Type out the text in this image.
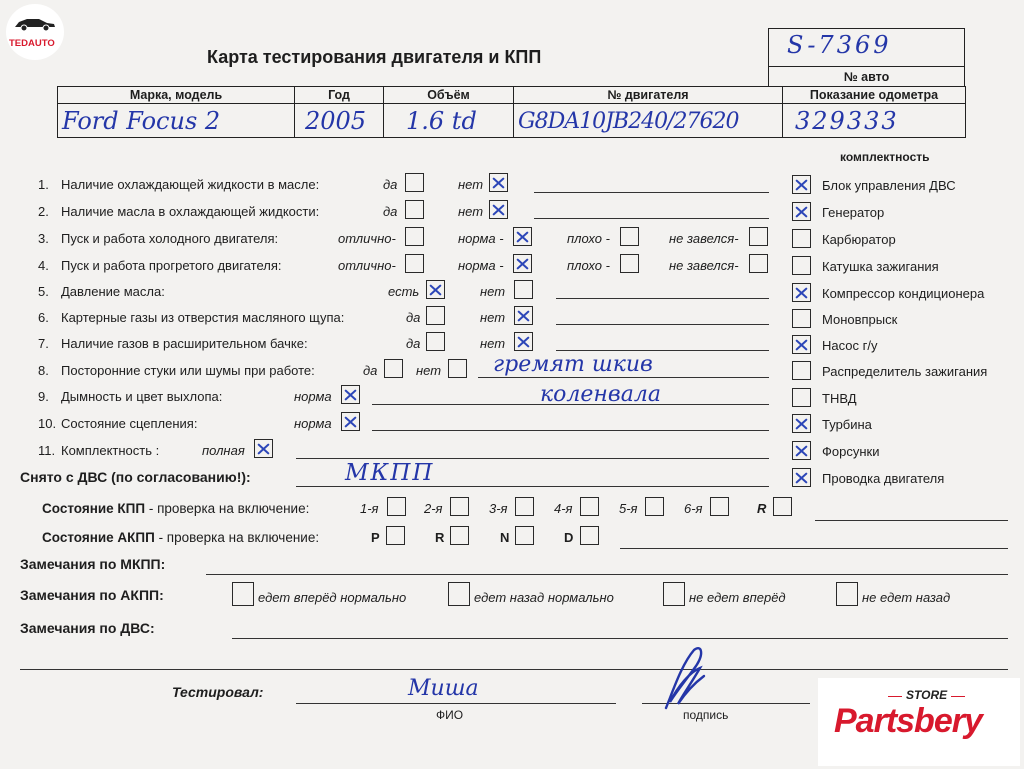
TEDAUTO
Карта тестирования двигателя и КПП	S-7369

№ авто
Марка, модель	Год	Объём	№ двигателя	Показание одометра

Ford Focus 2	2005	1.6 td	G8DA10JB240/27620	329333
комплектность
1. Наличие охлаждающей жидкости в масле:	да	нет
2. Наличие масла в охлаждающей жидкости:	да	нет
3. Пуск и работа холодного двигателя:	отлично-	норма -	плохо -	не завелся-
4. Пуск и работа прогретого двигателя:	отлично-	норма -	плохо -	не завелся-
5. Давление масла:	есть	нет
6. Картерные газы из отверстия масляного щупа:	да	нет
7. Наличие газов в расширительном бачке:	да	нет
8. Посторонние стуки или шумы при работе:	да	нет гремят шкив
9. Дымность и цвет выхлопа:	норма	коленвала
10. Состояние сцепления:	норма
11. Комплектность :	полная
Блок управления ДВС
Генератор
Карбюратор
Катушка зажигания
Компрессор кондиционера
Моновпрыск
Насос г/у
Распределитель зажигания
ТНВД
Турбина
Форсунки
Проводка двигателя
Снято с ДВС (по согласованию!):	МКПП
Состояние КПП - проверка на включение:	1-я	2-я	3-я	4-я	5-я	6-я	R
Состояние АКПП - проверка на включение:	P	R	N	D
Замечания по МКПП:
Замечания по АКПП:	едет вперёд нормально	едет назад нормально	не едет вперёд	не едет назад
Замечания по ДВС:
Тестировал:	Миша
ФИО	подпись
STORE
Partsbery
